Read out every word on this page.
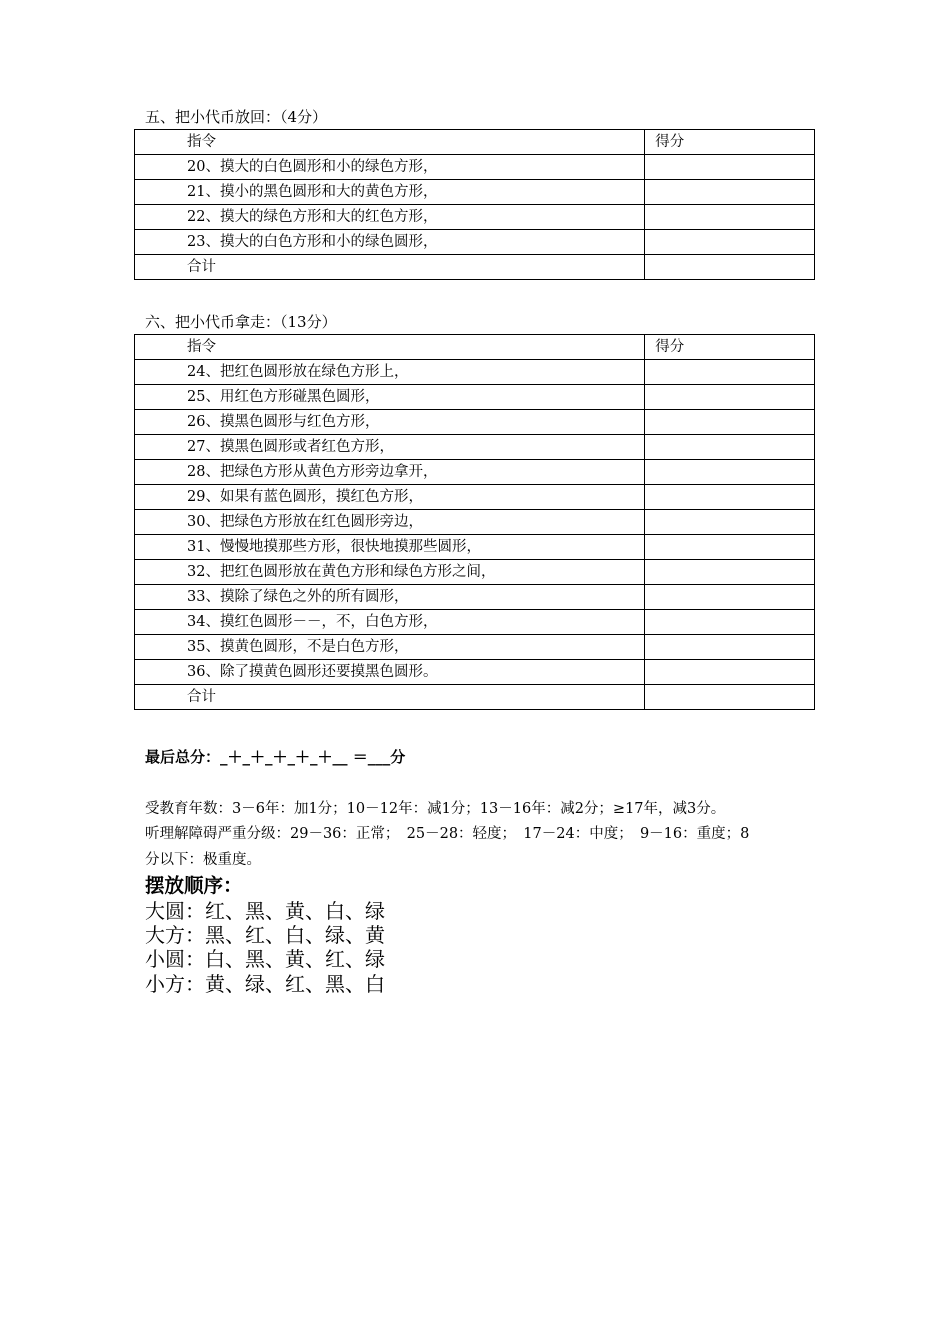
五、把小代币放回：（4分）
指令	得分
20、摸大的白色圆形和小的绿色方形，	
21、摸小的黑色圆形和大的黄色方形，	
22、摸大的绿色方形和大的红色方形，	
23、摸大的白色方形和小的绿色圆形，	
合计	
六、把小代币拿走：（13分）
指令	得分
24、把红色圆形放在绿色方形上，	
25、用红色方形碰黑色圆形，	
26、摸黑色圆形与红色方形，	
27、摸黑色圆形或者红色方形，	
28、把绿色方形从黄色方形旁边拿开，	
29、如果有蓝色圆形，摸红色方形，	
30、把绿色方形放在红色圆形旁边，	
31、慢慢地摸那些方形，很快地摸那些圆形，	
32、把红色圆形放在黄色方形和绿色方形之间，	
33、摸除了绿色之外的所有圆形，	
34、摸红色圆形－－，不，白色方形，	
35、摸黄色圆形，不是白色方形，	
36、除了摸黄色圆形还要摸黑色圆形。	
合计	
最后总分：_＋_＋_＋_＋_＋__ ＝___分
受教育年数：3－6年：加1分；10－12年：减1分；13－16年：减2分；≥17年，减3分。
听理解障碍严重分级：29－36：正常；　25－28：轻度；　17－24：中度；　9－16：重度；8
分以下：极重度。
摆放顺序：
大圆：红、黑、黄、白、绿
大方：黑、红、白、绿、黄
小圆：白、黑、黄、红、绿
小方：黄、绿、红、黑、白
